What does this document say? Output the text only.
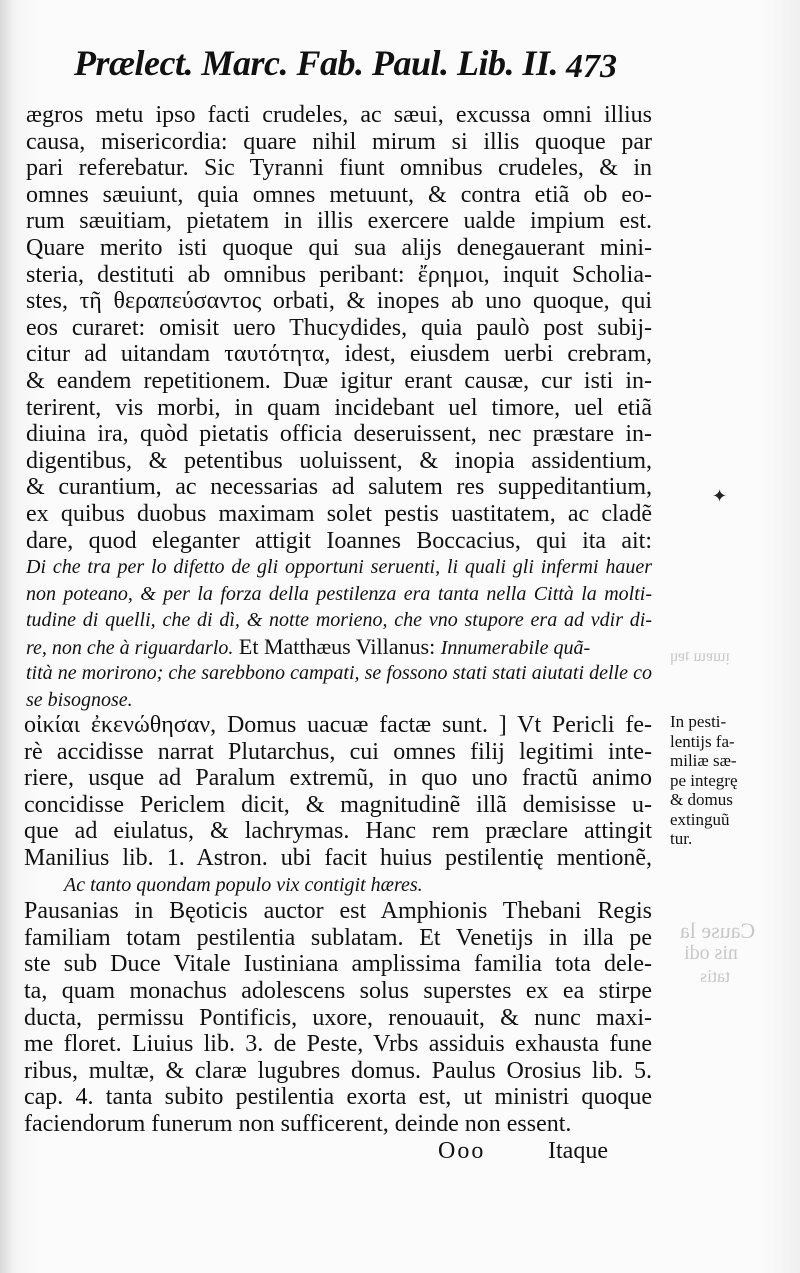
ᴉɯɐɯ ʇɐɥ
Cause la
nis odi
tatis
Prælect. Marc. Fab. Paul. Lib. II. 473
ægros metu ipso facti crudeles, ac sæui, excussa omni illius
causa, misericordia: quare nihil mirum si illis quoque par
pari referebatur. Sic Tyranni fiunt omnibus crudeles, & in
omnes sæuiunt, quia omnes metuunt, & contra etiã ob eo-
rum sæuitiam, pietatem in illis exercere ualde impium est.
Quare merito isti quoque qui sua alijs denegauerant mini-
steria, destituti ab omnibus peribant: ἔρημοι, inquit Scholia-
stes, τῆ θεραπεύσαντος orbati, & inopes ab uno quoque, qui
eos curaret: omisit uero Thucydides, quia paulò post subij-
citur ad uitandam ταυτότητα, idest, eiusdem uerbi crebram,
& eandem repetitionem. Duæ igitur erant causæ, cur isti in-
terirent, vis morbi, in quam incidebant uel timore, uel etiã
diuina ira, quòd pietatis officia deseruissent, nec præstare in-
digentibus, & petentibus uoluissent, & inopia assidentium,
& curantium, ac necessarias ad salutem res suppeditantium,
ex quibus duobus maximam solet pestis uastitatem, ac cladẽ
dare, quod eleganter attigit Ioannes Boccacius, qui ita ait:
Di che tra per lo difetto de gli opportuni seruenti, li quali gli infermi hauer
non poteano, & per la forza della pestilenza era tanta nella Città la molti-
tudine di quelli, che di dì, & notte morieno, che vno stupore era ad vdir di-
re, non che à riguardarlo. Et Matthæus Villanus: Innumerabile quã-
tità ne morirono; che sarebbono campati, se fossono stati stati aiutati delle co
se bisognose.
οἰκίαι ἐκενώθησαν, Domus uacuæ factæ sunt. ] Vt Pericli fe-
rè accidisse narrat Plutarchus, cui omnes filij legitimi inte-
riere, usque ad Paralum extremũ, in quo uno fractũ animo
concidisse Periclem dicit, & magnitudinẽ illã demisisse u-
que ad eiulatus, & lachrymas. Hanc rem præclare attingit
Manilius lib. 1. Astron. ubi facit huius pestilentię mentionẽ,
Ac tanto quondam populo vix contigit hæres.
Pausanias in Bęoticis auctor est Amphionis Thebani Regis
familiam totam pestilentia sublatam. Et Venetijs in illa pe
ste sub Duce Vitale Iustiniana amplissima familia tota dele-
ta, quam monachus adolescens solus superstes ex ea stirpe
ducta, permissu Pontificis, uxore, renouauit, & nunc maxi-
me floret. Liuius lib. 3. de Peste, Vrbs assiduis exhausta fune
ribus, multæ, & claræ lugubres domus. Paulus Orosius lib. 5.
cap. 4. tanta subito pestilentia exorta est, ut ministri quoque
faciendorum funerum non sufficerent, deinde non essent.
In pesti-
lentijs fa-
miliæ sæ-
pe integrę
& domus
extinguũ
tur.
✦
Ooo	Itaque
